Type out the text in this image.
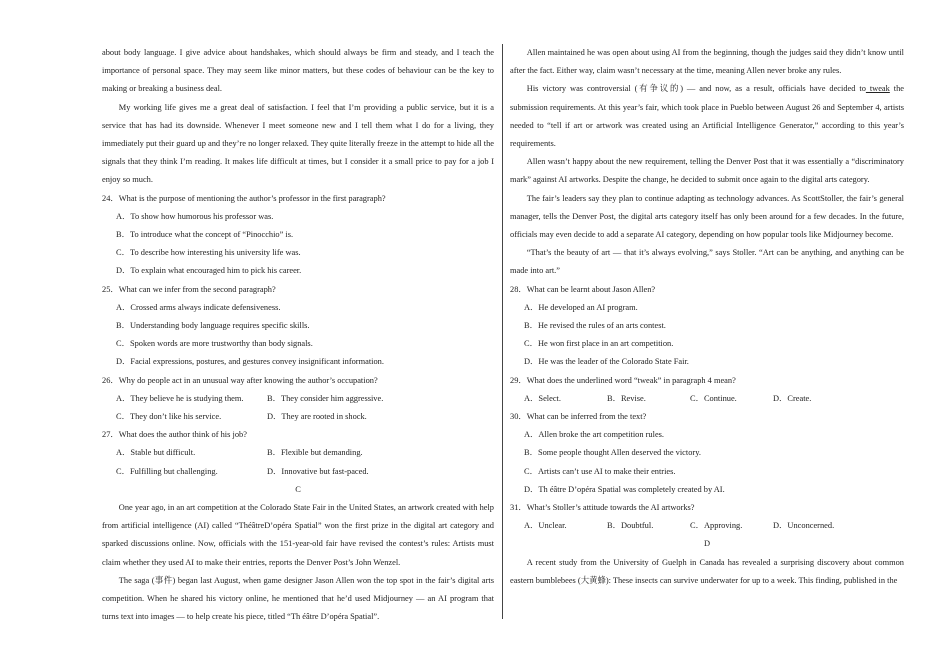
about body language. I give advice about handshakes, which should always be firm and steady, and I teach the importance of personal space. They may seem like minor matters, but these codes of behaviour can be the key to making or breaking a business deal.

My working life gives me a great deal of satisfaction. I feel that I’m providing a public service, but it is a service that has had its downside. Whenever I meet someone new and I tell them what I do for a living, they immediately put their guard up and they’re no longer relaxed. They quite literally freeze in the attempt to hide all the signals that they think I’m reading. It makes life difficult at times, but I consider it a small price to pay for a job I enjoy so much.

24．What is the purpose of mentioning the author’s professor in the first paragraph?

A．To show how humorous his professor was.

B．To introduce what the concept of “Pinocchio” is.

C．To describe how interesting his university life was.

D．To explain what encouraged him to pick his career.

25．What can we infer from the second paragraph?

A．Crossed arms always indicate defensiveness.

B．Understanding body language requires specific skills.

C．Spoken words are more trustworthy than body signals.

D．Facial expressions, postures, and gestures convey insignificant information.

26．Why do people act in an unusual way after knowing the author’s occupation?

A．They believe he is studying them.	B．They consider him aggressive.
C．They don’t like his service.	D．They are rooted in shock.

27．What does the author think of his job?

A．Stable but difficult.	B．Flexible but demanding.
C．Fulfilling but challenging.	D．Innovative but fast-paced.

C

One year ago, in an art competition at the Colorado State Fair in the United States, an artwork created with help from artificial intelligence (AI) called “ThéâtreD’opéra Spatial” won the first prize in the digital art category and sparked discussions online. Now, officials with the 151-year-old fair have revised the contest’s rules: Artists must claim whether they used AI to make their entries, reports the Denver Post’s John Wenzel.

The saga (事件) began last August, when game designer Jason Allen won the top spot in the fair’s digital arts competition. When he shared his victory online, he mentioned that he’d used Midjourney — an AI program that turns text into images — to help create his piece, titled “Th éâtre D’opéra Spatial”.

Allen maintained he was open about using AI from the beginning, though the judges said they didn’t know until after the fact. Either way, claim wasn’t necessary at the time, meaning Allen never broke any rules.

His victory was controversial (有争议的) — and now, as a result, officials have decided to tweak the submission requirements. At this year’s fair, which took place in Pueblo between August 26 and September 4, artists needed to “tell if art or artwork was created using an Artificial Intelligence Generator,” according to this year’s requirements.

Allen wasn’t happy about the new requirement, telling the Denver Post that it was essentially a “discriminatory mark” against AI artworks. Despite the change, he decided to submit once again to the digital arts category.

The fair’s leaders say they plan to continue adapting as technology advances. As ScottStoller, the fair’s general manager, tells the Denver Post, the digital arts category itself has only been around for a few decades. In the future, officials may even decide to add a separate AI category, depending on how popular tools like Midjourney become.

“That’s the beauty of art — that it’s always evolving,” says Stoller. “Art can be anything, and anything can be made into art.”

28．What can be learnt about Jason Allen?

A．He developed an AI program.

B．He revised the rules of an arts contest.

C．He won first place in an art competition.

D．He was the leader of the Colorado State Fair.

29．What does the underlined word “tweak” in paragraph 4 mean?

A．Select.	B．Revise.	C．Continue.	D．Create.

30．What can be inferred from the text?

A．Allen broke the art competition rules.

B．Some people thought Allen deserved the victory.

C．Artists can’t use AI to make their entries.

D．Th éâtre D’opéra Spatial was completely created by AI.

31．What’s Stoller’s attitude towards the AI artworks?

A．Unclear.	B．Doubtful.	C．Approving.	D．Unconcerned.

D

A recent study from the University of Guelph in Canada has revealed a surprising discovery about common eastern bumblebees (大黄蜂): These insects can survive underwater for up to a week. This finding, published in the
